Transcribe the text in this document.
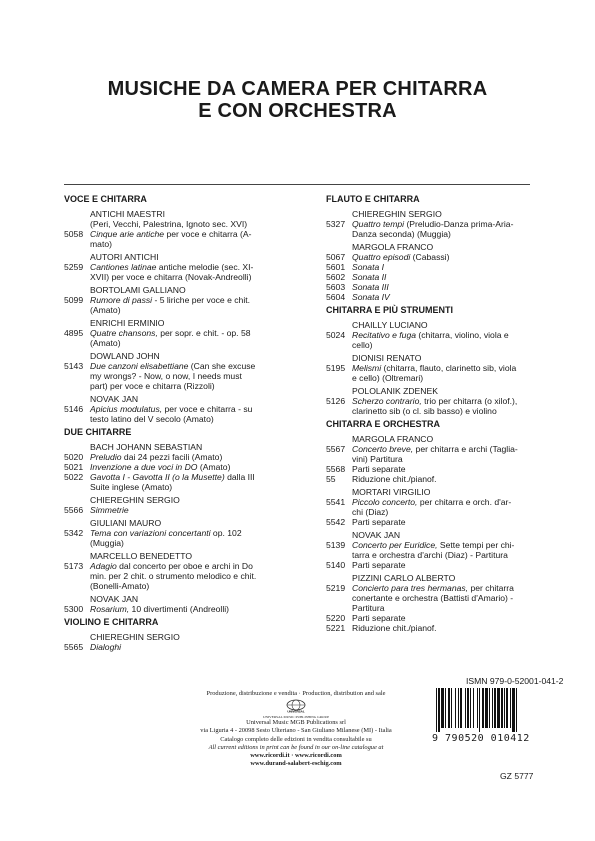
MUSICHE DA CAMERA PER CHITARRA
E CON ORCHESTRA
VOCE E CHITARRA
ANTICHI MAESTRI
(Peri, Vecchi, Palestrina, Ignoto sec. XVI)
5058 Cinque arie antiche per voce e chitarra (A-
mato)
AUTORI ANTICHI
5259 Cantiones latinae antiche melodie (sec. XI-
XVII) per voce e chitarra (Novak-Andreolli)
BORTOLAMI GALLIANO
5099 Rumore di passi - 5 liriche per voce e chit.
(Amato)
ENRICHI ERMINIO
4895 Quatre chansons, per sopr. e chit. - op. 58
(Amato)
DOWLAND JOHN
5143 Due canzoni elisabettiane (Can she excuse
my wrongs? - Now, o now, I needs must
part) per voce e chitarra (Rizzoli)
NOVAK JAN
5146 Apicius modulatus, per voce e chitarra - su
testo latino del V secolo (Amato)
DUE CHITARRE
BACH JOHANN SEBASTIAN
5020 Preludio dai 24 pezzi facili (Amato)
5021 Invenzione a due voci in DO (Amato)
5022 Gavotta I - Gavotta II (o la Musette) dalla III
Suite inglese (Amato)
CHIEREGHIN SERGIO
5566 Simmetrie
GIULIANI MAURO
5342 Tema con variazioni concertanti op. 102
(Muggia)
MARCELLO BENEDETTO
5173 Adagio dal concerto per oboe e archi in Do
min. per 2 chit. o strumento melodico e chit.
(Bonelli-Amato)
NOVAK JAN
5300 Rosarium, 10 divertimenti (Andreolli)
VIOLINO E CHITARRA
CHIEREGHIN SERGIO
5565 Dialoghi
FLAUTO E CHITARRA
CHIEREGHIN SERGIO
5327 Quattro tempi (Preludio-Danza prima-Aria-
Danza seconda) (Muggia)
MARGOLA FRANCO
5067 Quattro episodi (Cabassi)
5601 Sonata I
5602 Sonata II
5603 Sonata III
5604 Sonata IV
CHITARRA E PIÙ STRUMENTI
CHAILLY LUCIANO
5024 Recitativo e fuga (chitarra, violino, viola e
cello)
DIONISI RENATO
5195 Melismi (chitarra, flauto, clarinetto sib, viola
e cello) (Oltremari)
POLOLANIK ZDENEK
5126 Scherzo contrario, trio per chitarra (o xilof.),
clarinetto sib (o cl. sib basso) e violino
CHITARRA E ORCHESTRA
MARGOLA FRANCO
5567 Concerto breve, per chitarra e archi (Taglia-
vini) Partitura
5568 Parti separate
55 Riduzione chit./pianof.
MORTARI VIRGILIO
5541 Piccolo concerto, per chitarra e orch. d'ar-
chi (Diaz)
5542 Parti separate
NOVAK JAN
5139 Concerto per Euridice, Sette tempi per chi-
tarra e orchestra d'archi (Diaz) - Partitura
5140 Parti separate
PIZZINI CARLO ALBERTO
5219 Concierto para tres hermanas, per chitarra
conertante e orchestra (Battisti d'Amario) -
Partitura
5220 Parti separate
5221 Riduzione chit./pianof.
Produzione, distribuzione e vendita · Production, distribution and sale
UNIVERSAL
UNIVERSAL MUSIC PUBLISHING GROUP
Universal Music MGB Publications srl
via Liguria 4 - 20098 Sesto Ulteriano - San Giuliano Milanese (MI) - Italia
Catalogo completo delle edizioni in vendita consultabile su
All current editions in print can be found in our on-line catalogue at
www.ricordi.it · www.ricordi.com
www.durand-salabert-eschig.com
ISMN 979-0-52001-041-2
9 790520 010412
GZ 5777
